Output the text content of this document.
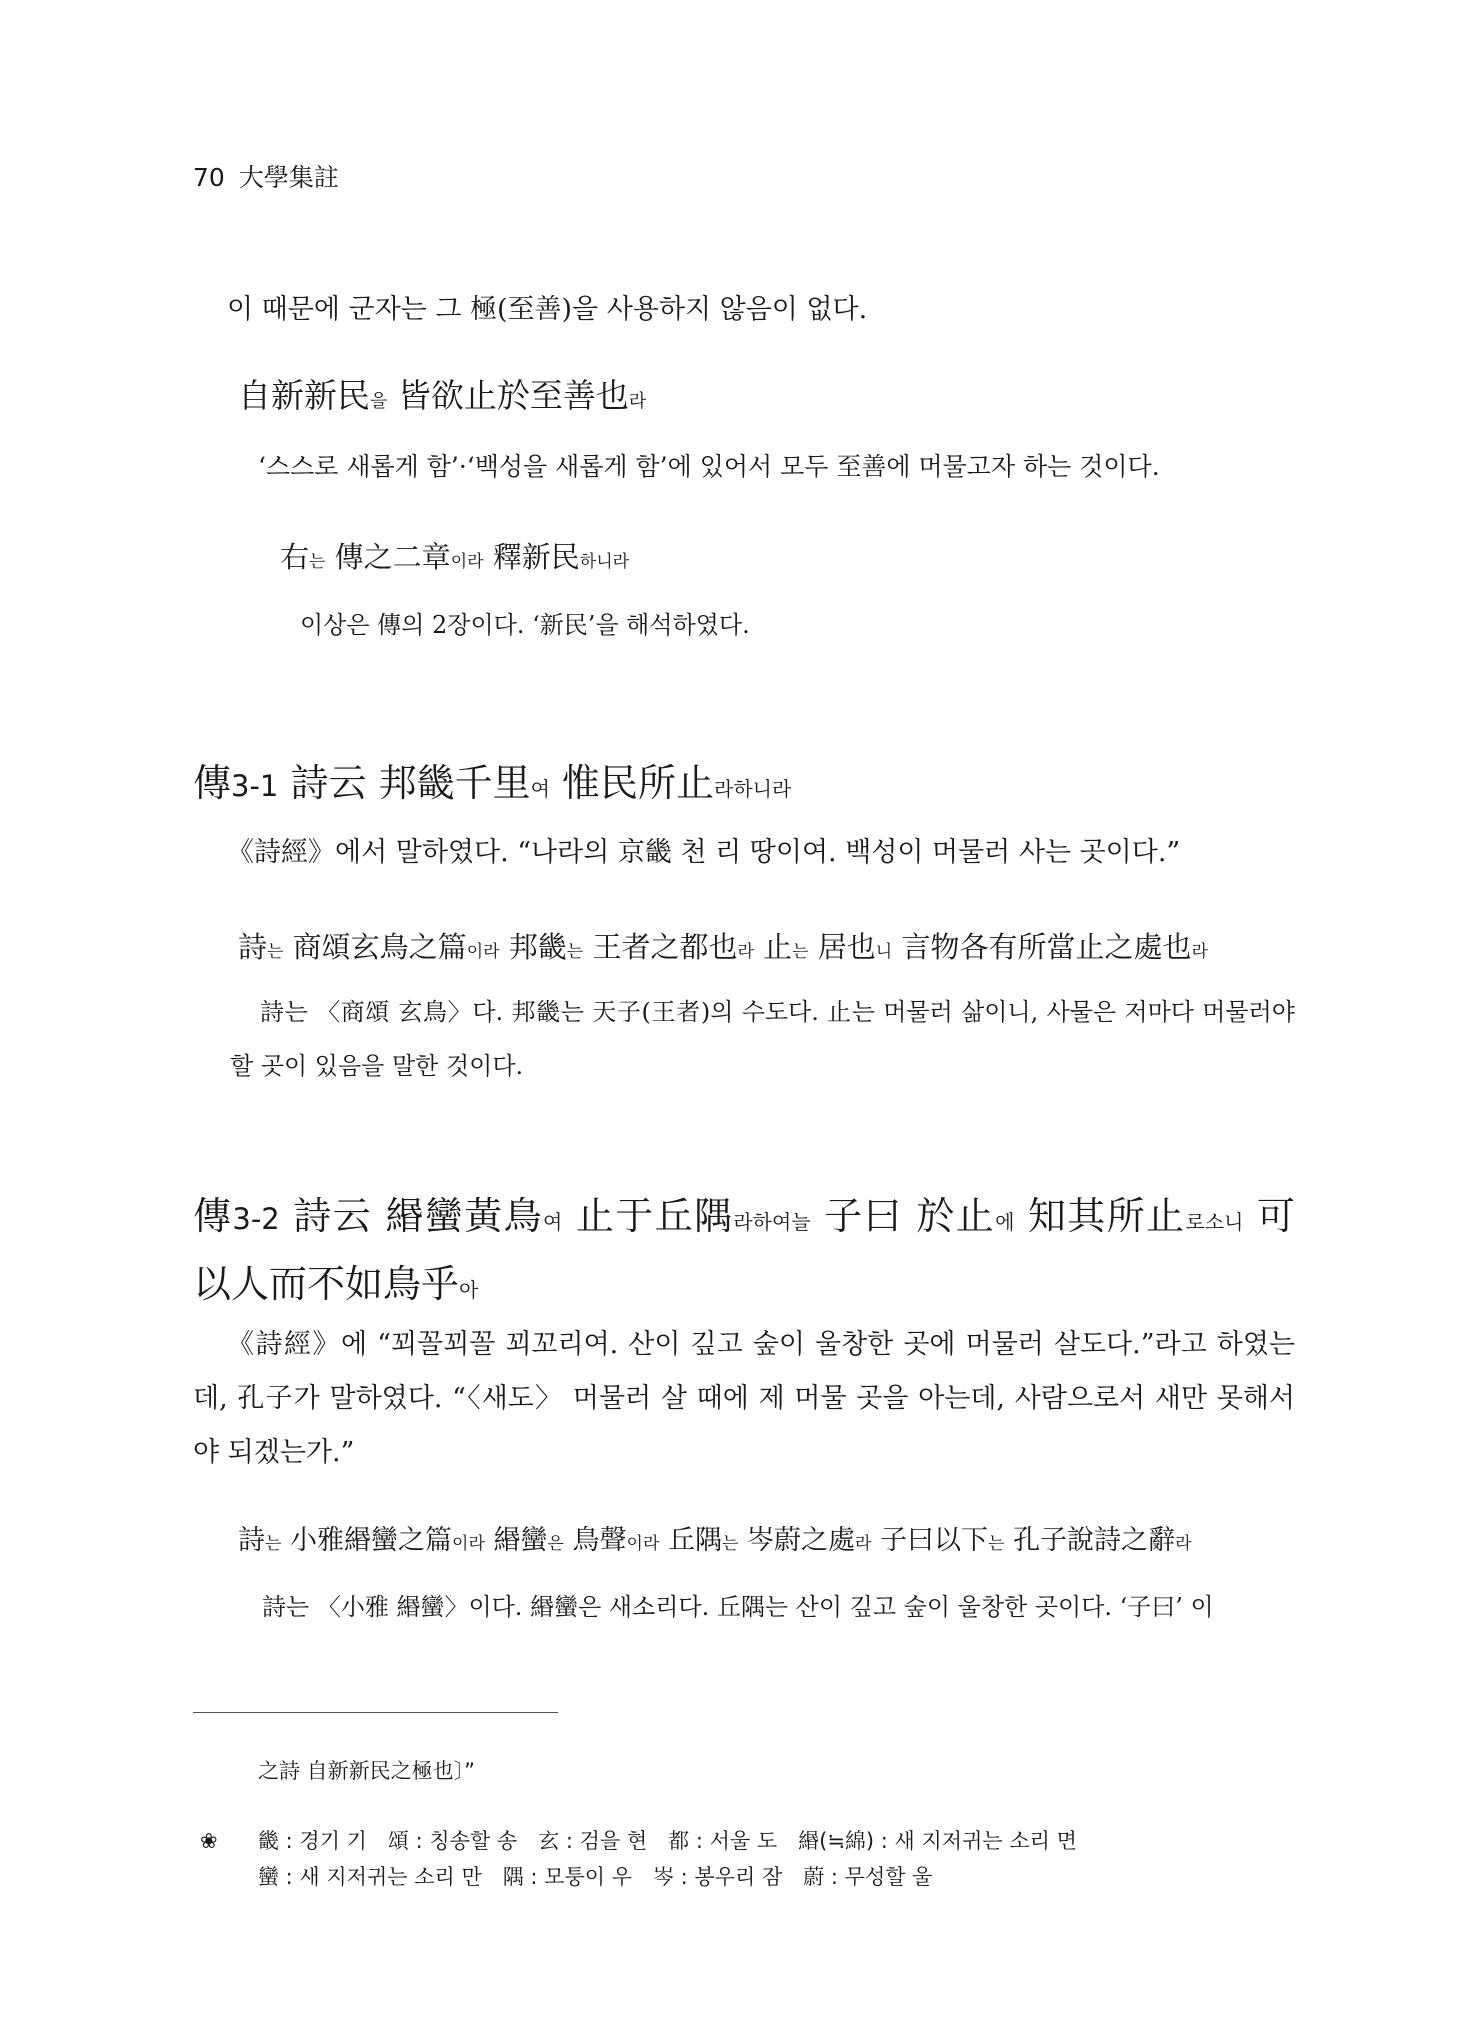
70 大學集註
이 때문에 군자는 그 極(至善)을 사용하지 않음이 없다.
自新新民을 皆欲止於至善也라
‘스스로 새롭게 함’·‘백성을 새롭게 함’에 있어서 모두 至善에 머물고자 하는 것이다.
右는 傳之二章이라 釋新民하니라
이상은 傳의 2장이다. ‘新民’을 해석하였다.
傳3-1 詩云 邦畿千里여 惟民所止라하니라
《詩經》에서 말하였다. “나라의 京畿 천 리 땅이여. 백성이 머물러 사는 곳이다.”
詩는 商頌玄鳥之篇이라 邦畿는 王者之都也라 止는 居也니 言物各有所當止之處也라
詩는 〈商頌 玄鳥〉다. 邦畿는 天子(王者)의 수도다. 止는 머물러 삶이니, 사물은 저마다 머물러야 할 곳이 있음을 말한 것이다.
傳3-2 詩云 緡蠻黃鳥여 止于丘隅라하여늘 子曰 於止에 知其所止로소니 可以人而不如鳥乎아
《詩經》에 “꾀꼴꾀꼴 꾀꼬리여. 산이 깊고 숲이 울창한 곳에 머물러 살도다.”라고 하였는데, 孔子가 말하였다. “〈새도〉 머물러 살 때에 제 머물 곳을 아는데, 사람으로서 새만 못해서야 되겠는가.”
詩는 小雅緡蠻之篇이라 緡蠻은 鳥聲이라 丘隅는 岑蔚之處라 子曰以下는 孔子說詩之辭라
詩는 〈小雅 緡蠻〉이다. 緡蠻은 새소리다. 丘隅는 산이 깊고 숲이 울창한 곳이다. ‘子曰’ 이
之詩 自新新民之極也〕”
❀ 畿 : 경기 기　頌 : 칭송할 송　玄 : 검을 현　都 : 서울 도　緡(≒綿) : 새 지저귀는 소리 면
蠻 : 새 지저귀는 소리 만　隅 : 모퉁이 우　岑 : 봉우리 잠　蔚 : 무성할 울
